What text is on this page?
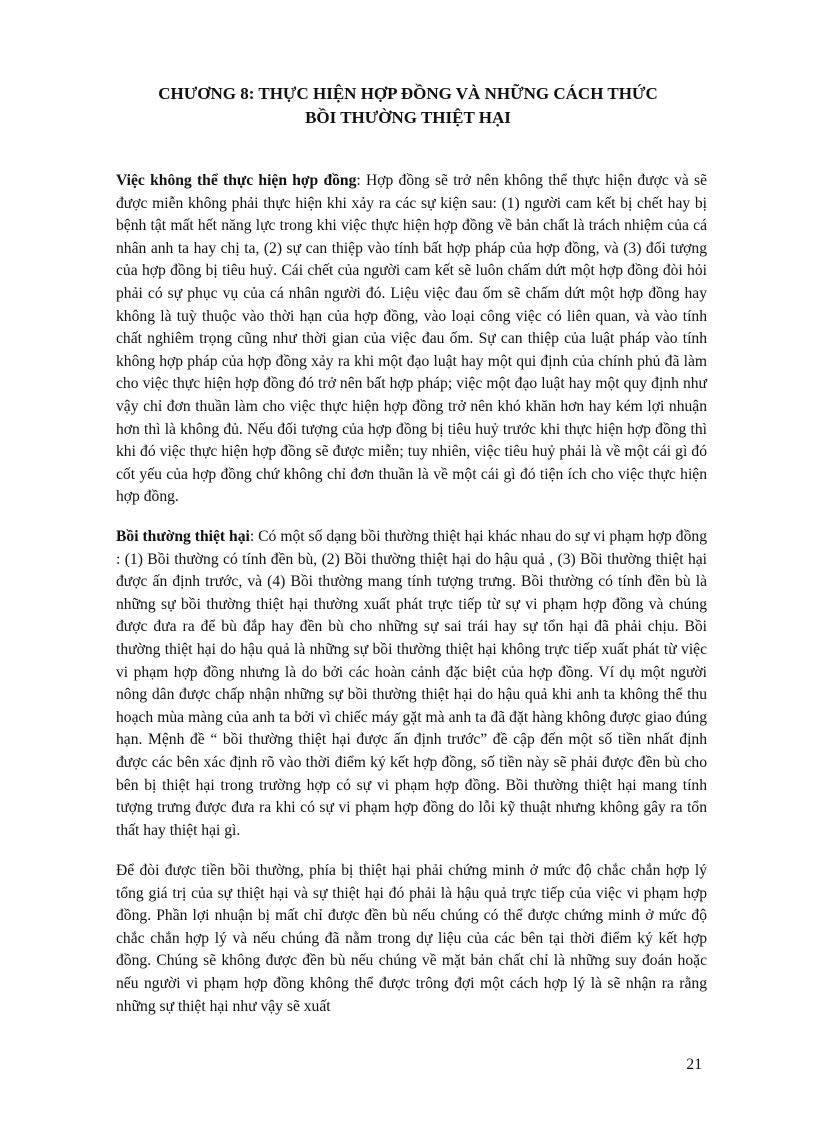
CHƯƠNG 8: THỰC HIỆN HỢP ĐỒNG VÀ NHỮNG CÁCH THỨC
BỒI THƯỜNG THIỆT HẠI

Việc không thể thực hiện hợp đồng: Hợp đồng sẽ trở nên không thể thực hiện được và sẽ được miễn không phải thực hiện khi xảy ra các sự kiện sau: (1) người cam kết bị chết hay bị bệnh tật mất hết năng lực trong khi việc thực hiện hợp đồng về bản chất là trách nhiệm của cá nhân anh ta hay chị ta, (2) sự can thiệp vào tính bất hợp pháp của hợp đồng, và (3) đối tượng của hợp đồng bị tiêu huỷ. Cái chết của người cam kết sẽ luôn chấm dứt một hợp đồng đòi hỏi phải có sự phục vụ của cá nhân người đó. Liệu việc đau ốm sẽ chấm dứt một hợp đồng hay không là tuỳ thuộc vào thời hạn của hợp đồng, vào loại công việc có liên quan, và vào tính chất nghiêm trọng cũng như thời gian của việc đau ốm. Sự can thiệp của luật pháp vào tính không hợp pháp của hợp đồng xảy ra khi một đạo luật hay một qui định của chính phủ đã làm cho việc thực hiện hợp đồng đó trở nên bất hợp pháp; việc một đạo luật hay một quy định như vậy chỉ đơn thuần làm cho việc thực hiện hợp đồng trở nên khó khăn hơn hay kém lợi nhuận hơn thì là không đủ. Nếu đối tượng của hợp đồng bị tiêu huỷ trước khi thực hiện hợp đồng thì khi đó việc thực hiện hợp đồng sẽ được miễn; tuy nhiên, việc tiêu huỷ phải là về một cái gì đó cốt yếu của hợp đồng chứ không chỉ đơn thuần là về một cái gì đó tiện ích cho việc thực hiện hợp đồng.

Bồi thường thiệt hại: Có một số dạng bồi thường thiệt hại khác nhau do sự vi phạm hợp đồng : (1) Bồi thường có tính đền bù, (2) Bồi thường thiệt hại do hậu quả , (3) Bồi thường thiệt hại được ấn định trước, và (4) Bồi thường mang tính tượng trưng. Bồi thường có tính đền bù là những sự bồi thường thiệt hại thường xuất phát trực tiếp từ sự vi phạm hợp đồng và chúng được đưa ra để bù đắp hay đền bù cho những sự sai trái hay sự tổn hại đã phải chịu. Bồi thường thiệt hại do hậu quả là những sự bồi thường thiệt hại không trực tiếp xuất phát từ việc vi phạm hợp đồng nhưng là do bởi các hoàn cảnh đặc biệt của hợp đồng. Ví dụ một người nông dân được chấp nhận những sự bồi thường thiệt hại do hậu quả khi anh ta không thể thu hoạch mùa màng của anh ta bởi vì chiếc máy gặt mà anh ta đã đặt hàng không được giao đúng hạn. Mệnh đề “ bồi thường thiệt hại được ấn định trước” đề cập đến một số tiền nhất định được các bên xác định rõ vào thời điểm ký kết hợp đồng, số tiền này sẽ phải được đền bù cho bên bị thiệt hại trong trường hợp có sự vi phạm hợp đồng. Bồi thường thiệt hại mang tính tượng trưng được đưa ra khi có sự vi phạm hợp đồng do lỗi kỹ thuật nhưng không gây ra tổn thất hay thiệt hại gì.

Để đòi được tiền bồi thường, phía bị thiệt hại phải chứng minh ở mức độ chắc chắn hợp lý tổng giá trị của sự thiệt hại và sự thiệt hại đó phải là hậu quả trực tiếp của việc vi phạm hợp đồng. Phần lợi nhuận bị mất chỉ được đền bù nếu chúng có thể được chứng minh ở mức độ chắc chắn hợp lý và nếu chúng đã nằm trong dự liệu của các bên tại thời điểm ký kết hợp đồng. Chúng sẽ không được đền bù nếu chúng về mặt bản chất chỉ là những suy đoán hoặc nếu người vi phạm hợp đồng không thể được trông đợi một cách hợp lý là sẽ nhận ra rằng những sự thiệt hại như vậy sẽ xuất

21
